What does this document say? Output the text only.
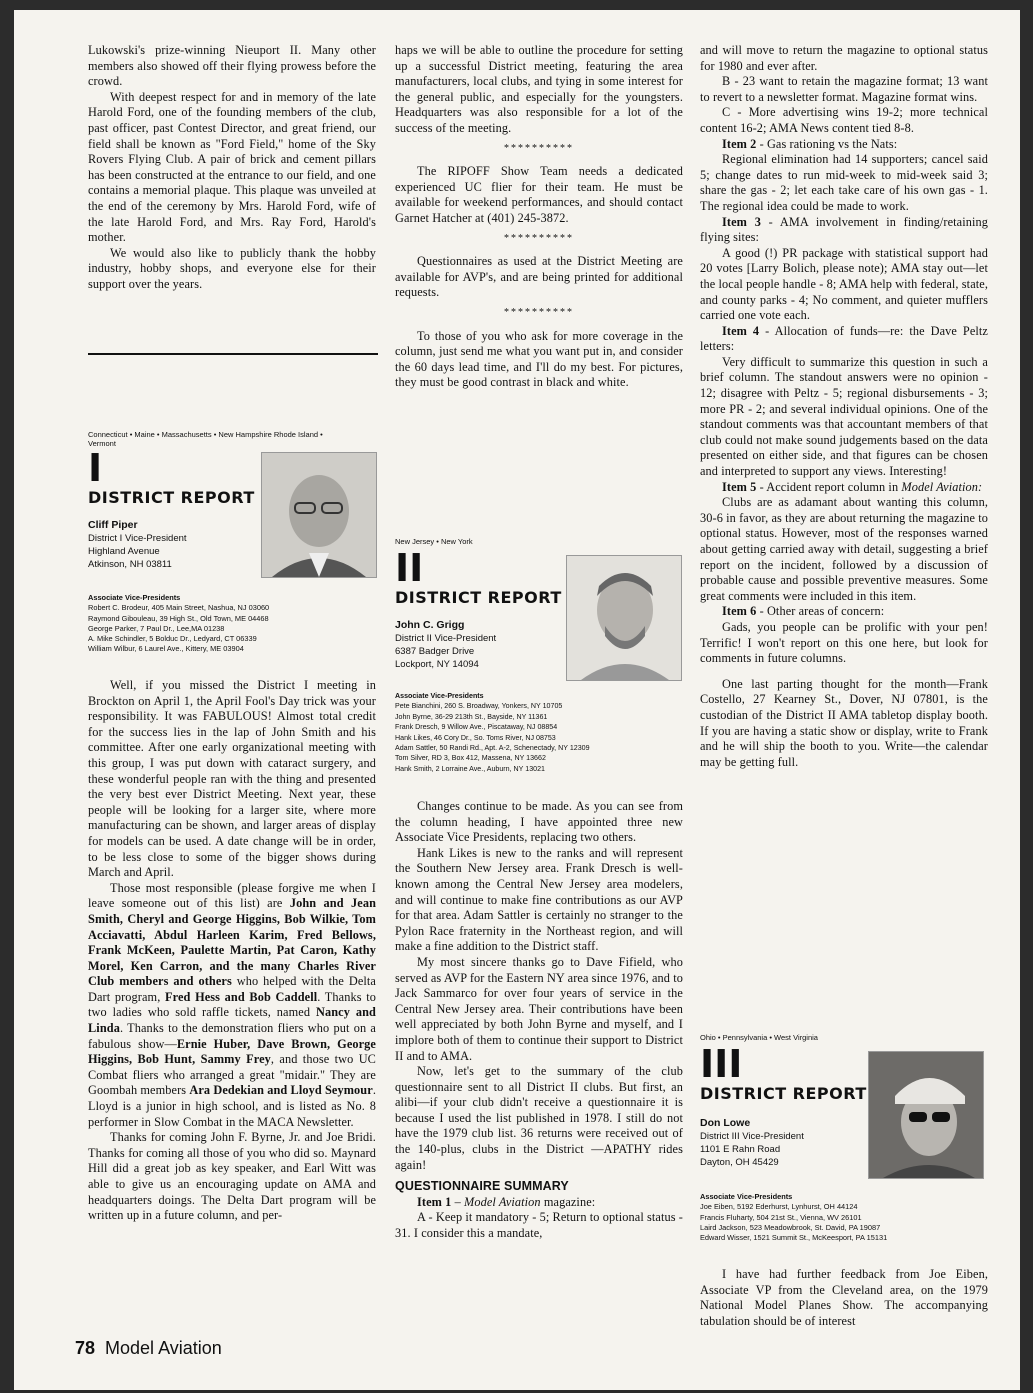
Lukowski's prize-winning Nieuport II. Many other members also showed off their flying prowess before the crowd.

With deepest respect for and in memory of the late Harold Ford, one of the founding members of the club, past officer, past Contest Director, and great friend, our field shall be known as "Ford Field," home of the Sky Rovers Flying Club. A pair of brick and cement pillars has been constructed at the entrance to our field, and one contains a memorial plaque. This plaque was unveiled at the end of the ceremony by Mrs. Harold Ford, wife of the late Harold Ford, and Mrs. Ray Ford, Harold's mother.

We would also like to publicly thank the hobby industry, hobby shops, and everyone else for their support over the years.

Connecticut • Maine • Massachusetts • New Hampshire Rhode Island • Vermont
I
DISTRICT REPORT
Cliff Piper
District I Vice-President
Highland Avenue
Atkinson, NH 03811
Associate Vice-Presidents
Robert C. Brodeur, 405 Main Street, Nashua, NJ 03060
Raymond Gibouleau, 39 High St., Old Town, ME 04468
George Parker, 7 Paul Dr., Lee,MA 01238
A. Mike Schindler, 5 Bolduc Dr., Ledyard, CT 06339
William Wilbur, 6 Laurel Ave., Kittery, ME 03904

Well, if you missed the District I meeting in Brockton on April 1, the April Fool's Day trick was your responsibility. It was FABULOUS! Almost total credit for the success lies in the lap of John Smith and his committee. After one early organizational meeting with this group, I was put down with cataract surgery, and these wonderful people ran with the thing and presented the very best ever District Meeting. Next year, these people will be looking for a larger site, where more manufacturing can be shown, and larger areas of display for models can be used. A date change will be in order, to be less close to some of the bigger shows during March and April.

Those most responsible (please forgive me when I leave someone out of this list) are John and Jean Smith, Cheryl and George Higgins, Bob Wilkie, Tom Acciavatti, Abdul Harleen Karim, Fred Bellows, Frank McKeen, Paulette Martin, Pat Caron, Kathy Morel, Ken Carron, and the many Charles River Club members and others who helped with the Delta Dart program, Fred Hess and Bob Caddell. Thanks to two ladies who sold raffle tickets, named Nancy and Linda. Thanks to the demonstration fliers who put on a fabulous show—Ernie Huber, Dave Brown, George Higgins, Bob Hunt, Sammy Frey, and those two UC Combat fliers who arranged a great "midair." They are Goombah members Ara Dedekian and Lloyd Seymour. Lloyd is a junior in high school, and is listed as No. 8 performer in Slow Combat in the MACA Newsletter.

Thanks for coming John F. Byrne, Jr. and Joe Bridi. Thanks for coming all those of you who did so. Maynard Hill did a great job as key speaker, and Earl Witt was able to give us an encouraging update on AMA and headquarters doings. The Delta Dart program will be written up in a future column, and per-

haps we will be able to outline the procedure for setting up a successful District meeting, featuring the area manufacturers, local clubs, and tying in some interest for the general public, and especially for the youngsters. Headquarters was also responsible for a lot of the success of the meeting.

**********

The RIPOFF Show Team needs a dedicated experienced UC flier for their team. He must be available for weekend performances, and should contact Garnet Hatcher at (401) 245-3872.

**********

Questionnaires as used at the District Meeting are available for AVP's, and are being printed for additional requests.

**********

To those of you who ask for more coverage in the column, just send me what you want put in, and consider the 60 days lead time, and I'll do my best. For pictures, they must be good contrast in black and white.

New Jersey • New York
II
DISTRICT REPORT
John C. Grigg
District II Vice-President
6387 Badger Drive
Lockport, NY 14094
Associate Vice-Presidents
Pete Bianchini, 260 S. Broadway, Yonkers, NY 10705
John Byrne, 36-29 213th St., Bayside, NY 11361
Frank Dresch, 9 Willow Ave., Piscataway, NJ 08854
Hank Likes, 46 Cory Dr., So. Toms River, NJ 08753
Adam Sattler, 50 Randi Rd., Apt. A-2, Schenectady, NY 12309
Tom Silver, RD 3, Box 412, Massena, NY 13662
Hank Smith, 2 Lorraine Ave., Auburn, NY 13021

Changes continue to be made. As you can see from the column heading, I have appointed three new Associate Vice Presidents, replacing two others.

Hank Likes is new to the ranks and will represent the Southern New Jersey area. Frank Dresch is well-known among the Central New Jersey area modelers, and will continue to make fine contributions as our AVP for that area. Adam Sattler is certainly no stranger to the Pylon Race fraternity in the Northeast region, and will make a fine addition to the District staff.

My most sincere thanks go to Dave Fifield, who served as AVP for the Eastern NY area since 1976, and to Jack Sammarco for over four years of service in the Central New Jersey area. Their contributions have been well appreciated by both John Byrne and myself, and I implore both of them to continue their support to District II and to AMA.

Now, let's get to the summary of the club questionnaire sent to all District II clubs. But first, an alibi—if your club didn't receive a questionnaire it is because I used the list published in 1978. I still do not have the 1979 club list. 36 returns were received out of the 140-plus, clubs in the District —APATHY rides again!

QUESTIONNAIRE SUMMARY

Item 1 – Model Aviation magazine:

A - Keep it mandatory - 5; Return to optional status - 31. I consider this a mandate,

and will move to return the magazine to optional status for 1980 and ever after.

B - 23 want to retain the magazine format; 13 want to revert to a newsletter format. Magazine format wins.

C - More advertising wins 19-2; more technical content 16-2; AMA News content tied 8-8.

Item 2 - Gas rationing vs the Nats:

Regional elimination had 14 supporters; cancel said 5; change dates to run mid-week to mid-week said 3; share the gas - 2; let each take care of his own gas - 1. The regional idea could be made to work.

Item 3 - AMA involvement in finding/retaining flying sites:

A good (!) PR package with statistical support had 20 votes [Larry Bolich, please note); AMA stay out—let the local people handle - 8; AMA help with federal, state, and county parks - 4; No comment, and quieter mufflers carried one vote each.

Item 4 - Allocation of funds—re: the Dave Peltz letters:

Very difficult to summarize this question in such a brief column. The standout answers were no opinion - 12; disagree with Peltz - 5; regional disbursements - 3; more PR - 2; and several individual opinions. One of the standout comments was that accountant members of that club could not make sound judgements based on the data presented on either side, and that figures can be chosen and interpreted to support any views. Interesting!

Item 5 - Accident report column in Model Aviation:

Clubs are as adamant about wanting this column, 30-6 in favor, as they are about returning the magazine to optional status. However, most of the responses warned about getting carried away with detail, suggesting a brief report on the incident, followed by a discussion of probable cause and possible preventive measures. Some great comments were included in this item.

Item 6 - Other areas of concern:

Gads, you people can be prolific with your pen! Terrific! I won't report on this one here, but look for comments in future columns.

One last parting thought for the month—Frank Costello, 27 Kearney St., Dover, NJ 07801, is the custodian of the District II AMA tabletop display booth. If you are having a static show or display, write to Frank and he will ship the booth to you. Write—the calendar may be getting full.

Ohio • Pennsylvania • West Virginia
III
DISTRICT REPORT
Don Lowe
District III Vice-President
1101 E Rahn Road
Dayton, OH 45429
Associate Vice-Presidents
Joe Eiben, 5192 Ederhurst, Lynhurst, OH 44124
Francis Fluharty, 504 21st St., Vienna, WV 26101
Laird Jackson, 523 Meadowbrook, St. David, PA 19087
Edward Wisser, 1521 Summit St., McKeesport, PA 15131

I have had further feedback from Joe Eiben, Associate VP from the Cleveland area, on the 1979 National Model Planes Show. The accompanying tabulation should be of interest

78 Model Aviation
